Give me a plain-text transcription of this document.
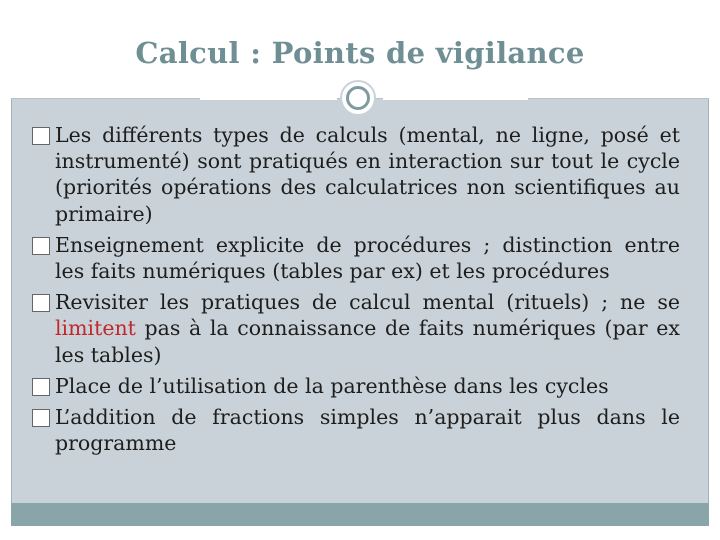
Calcul : Points de vigilance
Les différents types de calculs (mental, ne ligne, posé et instrumenté) sont pratiqués en interaction sur tout le cycle (priorités opérations des calculatrices non scientifiques au primaire)
Enseignement explicite de procédures ; distinction entre les faits numériques (tables par ex) et les procédures
Revisiter les pratiques de calcul mental (rituels) ; ne se limitent pas à la connaissance de faits numériques (par ex les tables)
Place de l’utilisation de la parenthèse dans les cycles
L’addition de fractions simples n’apparait plus dans le programme
